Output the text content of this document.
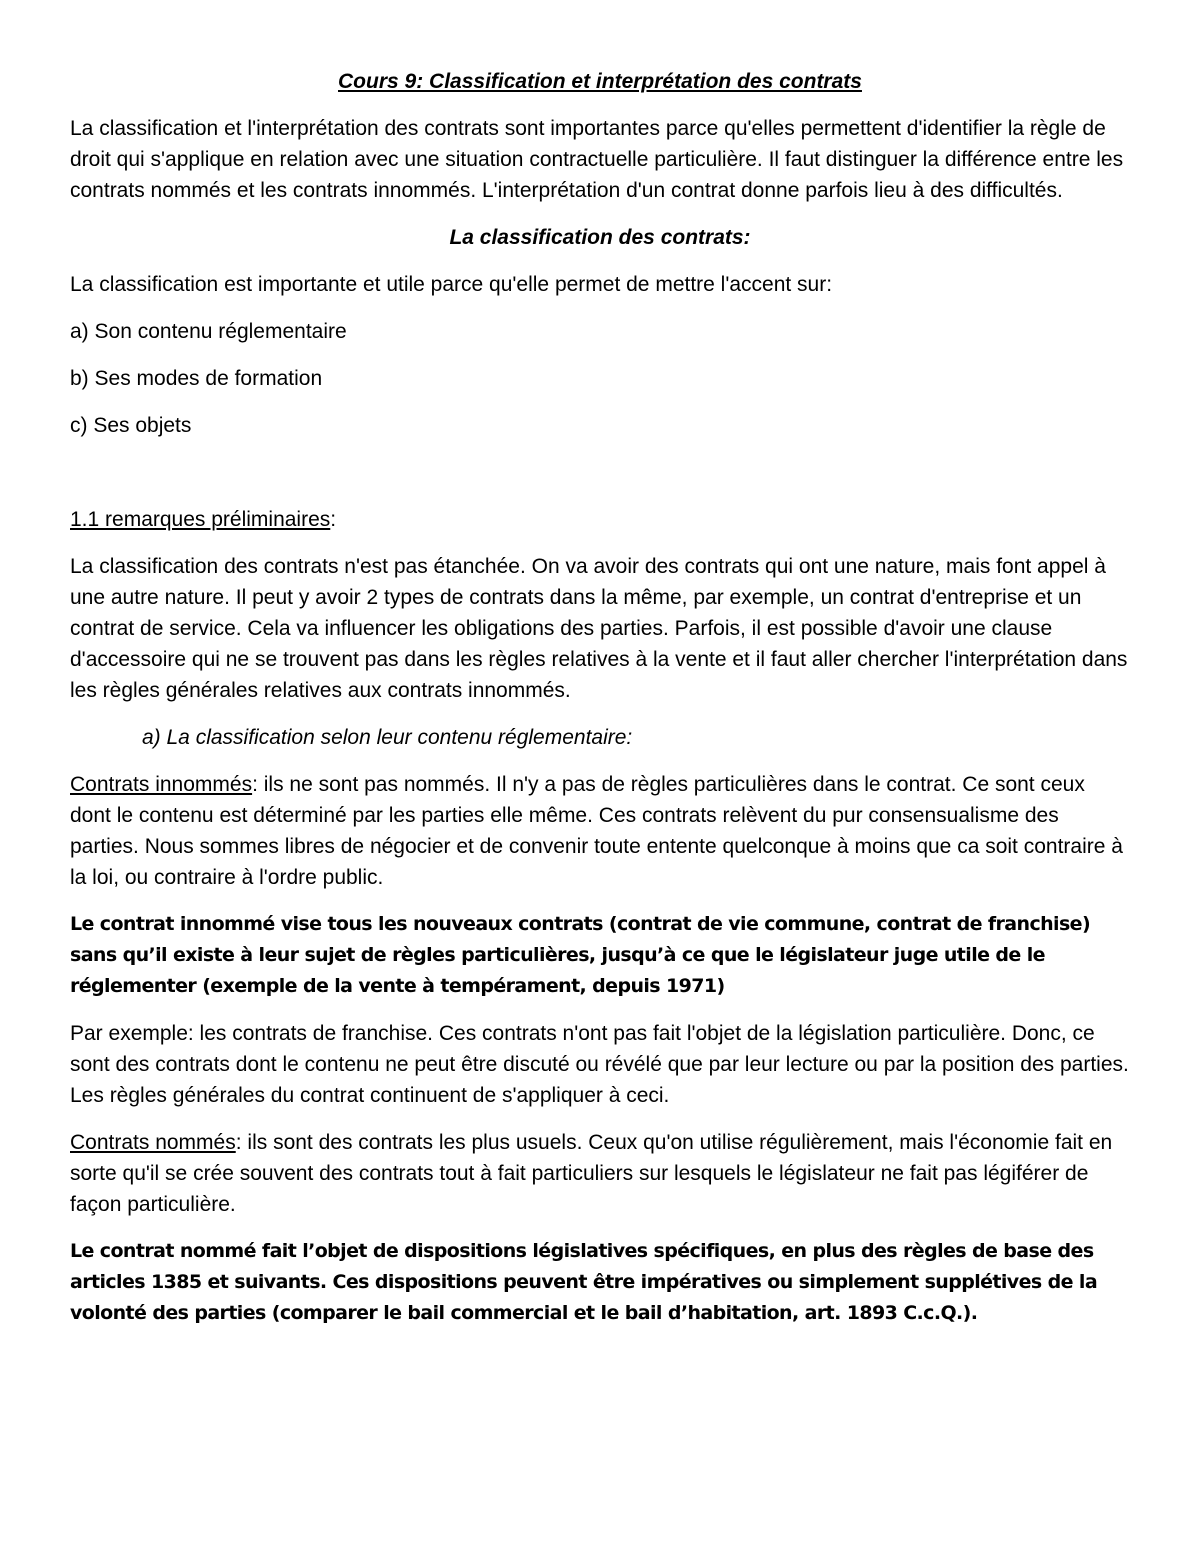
Cours 9: Classification et interprétation des contrats

La classification et l'interprétation des contrats sont importantes parce qu'elles permettent d'identifier la règle de droit qui s'applique en relation avec une situation contractuelle particulière. Il faut distinguer la différence entre les contrats nommés et les contrats innommés. L'interprétation d'un contrat donne parfois lieu à des difficultés.

La classification des contrats:

La classification est importante et utile parce qu'elle permet de mettre l'accent sur:

a) Son contenu réglementaire

b) Ses modes de formation

c) Ses objets

1.1 remarques préliminaires:

La classification des contrats n'est pas étanchée. On va avoir des contrats qui ont une nature, mais font appel à une autre nature. Il peut y avoir 2 types de contrats dans la même, par exemple, un contrat d'entreprise et un contrat de service. Cela va influencer les obligations des parties. Parfois, il est possible d'avoir une clause d'accessoire qui ne se trouvent pas dans les règles relatives à la vente et il faut aller chercher l'interprétation dans les règles générales relatives aux contrats innommés.

a) La classification selon leur contenu réglementaire:

Contrats innommés: ils ne sont pas nommés. Il n'y a pas de règles particulières dans le contrat. Ce sont ceux dont le contenu est déterminé par les parties elle même. Ces contrats relèvent du pur consensualisme des parties. Nous sommes libres de négocier et de convenir toute entente quelconque à moins que ca soit contraire à la loi, ou contraire à l'ordre public.

Le contrat innommé vise tous les nouveaux contrats (contrat de vie commune, contrat de franchise) sans qu’il existe à leur sujet de règles particulières, jusqu’à ce que le législateur juge utile de le réglementer (exemple de la vente à tempérament, depuis 1971)

Par exemple: les contrats de franchise. Ces contrats n'ont pas fait l'objet de la législation particulière. Donc, ce sont des contrats dont le contenu ne peut être discuté ou révélé que par leur lecture ou par la position des parties. Les règles générales du contrat continuent de s'appliquer à ceci.

Contrats nommés: ils sont des contrats les plus usuels. Ceux qu'on utilise régulièrement, mais l'économie fait en sorte qu'il se crée souvent des contrats tout à fait particuliers sur lesquels le législateur ne fait pas légiférer de façon particulière.

Le contrat nommé fait l’objet de dispositions législatives spécifiques, en plus des règles de base des articles 1385 et suivants. Ces dispositions peuvent être impératives ou simplement supplétives de la volonté des parties (comparer le bail commercial et le bail d’habitation, art. 1893 C.c.Q.).
